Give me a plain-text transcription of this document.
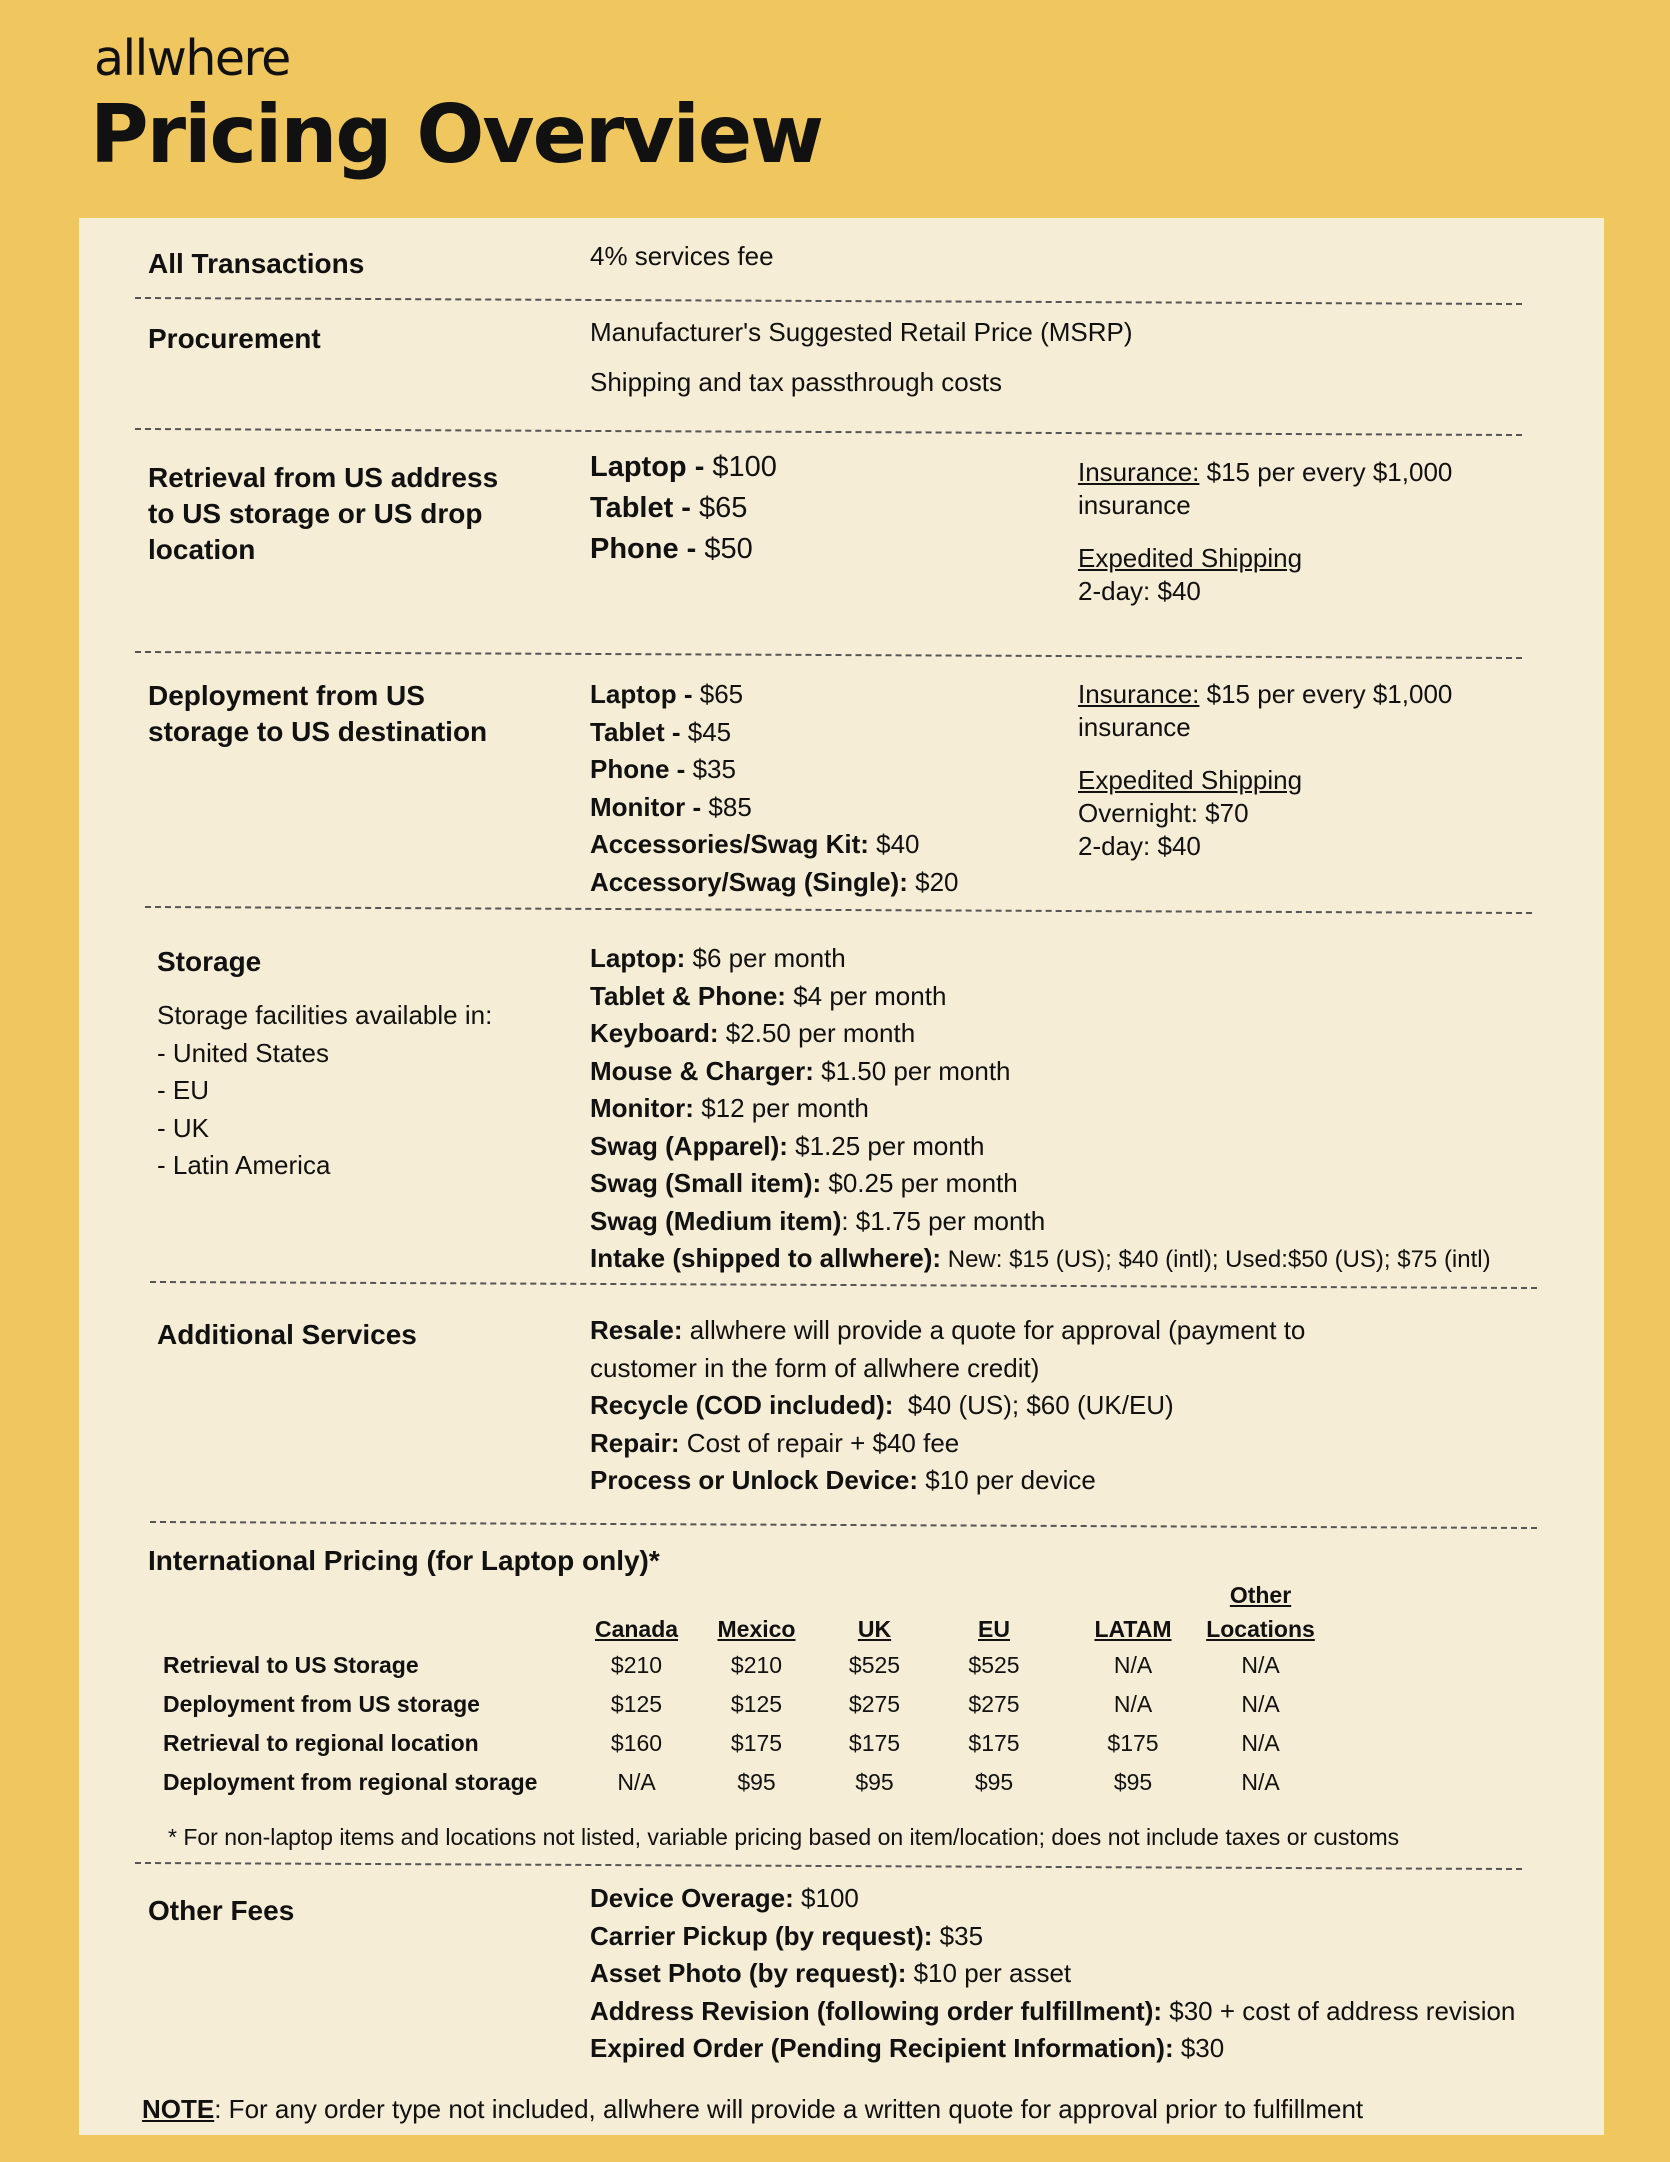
allwhere
Pricing Overview
All Transactions	4% services fee
Procurement	Manufacturer's Suggested Retail Price (MSRP)
Shipping and tax passthrough costs
Retrieval from US address
to US storage or US drop
location
Laptop - $100
Tablet - $65
Phone - $50
Insurance: $15 per every $1,000
insurance
Expedited Shipping
2-day: $40
Deployment from US
storage to US destination
Laptop - $65
Tablet - $45
Phone - $35
Monitor - $85
Accessories/Swag Kit: $40
Accessory/Swag (Single): $20
Insurance: $15 per every $1,000
insurance
Expedited Shipping
Overnight: $70
2-day: $40
Storage
Storage facilities available in:
- United States
- EU
- UK
- Latin America
Laptop: $6 per month
Tablet & Phone: $4 per month
Keyboard: $2.50 per month
Mouse & Charger: $1.50 per month
Monitor: $12 per month
Swag (Apparel): $1.25 per month
Swag (Small item): $0.25 per month
Swag (Medium item): $1.75 per month
Intake (shipped to allwhere): New: $15 (US); $40 (intl); Used:$50 (US); $75 (intl)
Additional Services	Resale: allwhere will provide a quote for approval (payment to
customer in the form of allwhere credit)
Recycle (COD included):  $40 (US); $60 (UK/EU)
Repair: Cost of repair + $40 fee
Process or Unlock Device: $10 per device
International Pricing (for Laptop only)*
	Canada	Mexico	UK	EU	LATAM	Other
Locations	

Retrieval to US Storage	$210	$210	$525	$525	N/A	N/A	
Deployment from US storage	$125	$125	$275	$275	N/A	N/A	
Retrieval to regional location	$160	$175	$175	$175	$175	N/A	
Deployment from regional storage	N/A	$95	$95	$95	$95	N/A	
* For non-laptop items and locations not listed, variable pricing based on item/location; does not include taxes or customs
Other Fees	Device Overage: $100
Carrier Pickup (by request): $35
Asset Photo (by request): $10 per asset
Address Revision (following order fulfillment): $30 + cost of address revision
Expired Order (Pending Recipient Information): $30
NOTE: For any order type not included, allwhere will provide a written quote for approval prior to fulfillment
